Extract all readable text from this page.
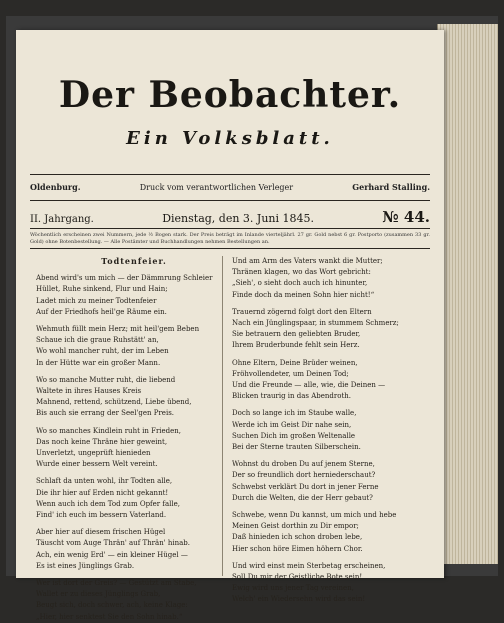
Der Beobachter.
Ein Volksblatt.
Oldenburg.	Druck vom verantwortlichen Verleger	Gerhard Stalling.
II. Jahrgang.	Dienstag, den 3. Juni 1845.	№ 44.
Wöchentlich erscheinen zwei Nummern, jede ½ Bogen stark. Der Preis beträgt im Inlande vierteljährl. 27 gr. Gold nebst 6 gr. Postporto (zusammen 33 gr. Gold) ohne Botenbestellung. — Alle Postämter und Buchhandlungen nehmen Bestellungen an.
Todtenfeier.
Abend wird's um mich — der Dämmrung Schleier
Hüllet, Ruhe sinkend, Flur und Hain;
Ladet mich zu meiner Todtenfeier
Auf der Friedhofs heil'ge Räume ein.
Wehmuth füllt mein Herz; mit heil'gem Beben
Schaue ich die graue Ruhstätt' an,
Wo wohl mancher ruht, der im Leben
In der Hütte war ein großer Mann.
Wo so manche Mutter ruht, die liebend
Waltete in ihres Hauses Kreis
Mahnend, rettend, schützend, Liebe übend,
Bis auch sie errang der Seel'gen Preis.
Wo so manches Kindlein ruht in Frieden,
Das noch keine Thräne hier geweint,
Unverletzt, ungeprüft hienieden
Wurde einer bessern Welt vereint.
Schlaft da unten wohl, ihr Todten alle,
Die ihr hier auf Erden nicht gekannt!
Wenn auch ich dem Tod zum Opfer falle,
Find' ich euch im bessern Vaterland.
Aber hier auf diesem frischen Hügel
Täuscht vom Auge Thrän' auf Thrän' hinab.
Ach, ein wenig Erd' — ein kleiner Hügel —
Es ist eines Jünglings Grab.
Wer ist dort der Greis? — Gestützt am Stabe,
Wallet er zu dieses Jünglings Grab,
Beugt sich, doch schwer, ach, keine Klage:
„Hier, hier senktest Sie den Sohn hinab.“
Und am Arm des Vaters wankt die Mutter;
Thränen klagen, wo das Wort gebricht:
„Sieh', o sieht doch auch ich hinunter,
Finde doch da meinen Sohn hier nicht!“
Trauernd zögernd folgt dort den Eltern
Nach ein Jünglingspaar, in stummem Schmerz;
Sie betrauern den geliebten Bruder,
Ihrem Bruderbunde fehlt sein Herz.
Ohne Eltern, Deine Brüder weinen,
Fröhvollendeter, um Deinen Tod;
Und die Freunde — alle, wie, die Deinen —
Blicken traurig in das Abendroth.
Doch so lange ich im Staube walle,
Werde ich im Geist Dir nahe sein,
Suchen Dich im großen Weltenalle
Bei der Sterne trauten Silberschein.
Wohnst du droben Du auf jenem Sterne,
Der so freundlich dort herniederschaut?
Schwebst verklärt Du dort in jener Ferne
Durch die Welten, die der Herr gebaut?
Schwebe, wenn Du kannst, um mich und hebe
Meinen Geist dorthin zu Dir empor;
Daß hinieden ich schon droben lebe,
Hier schon höre Eimen höhern Chor.
Und wird einst mein Sterbetag erscheinen,
Soll Du mir der Geistliche Bote sein!
Ewig wird uns jener Tag vereinen,
Welch' ein Wiedersehn wird das sein!
